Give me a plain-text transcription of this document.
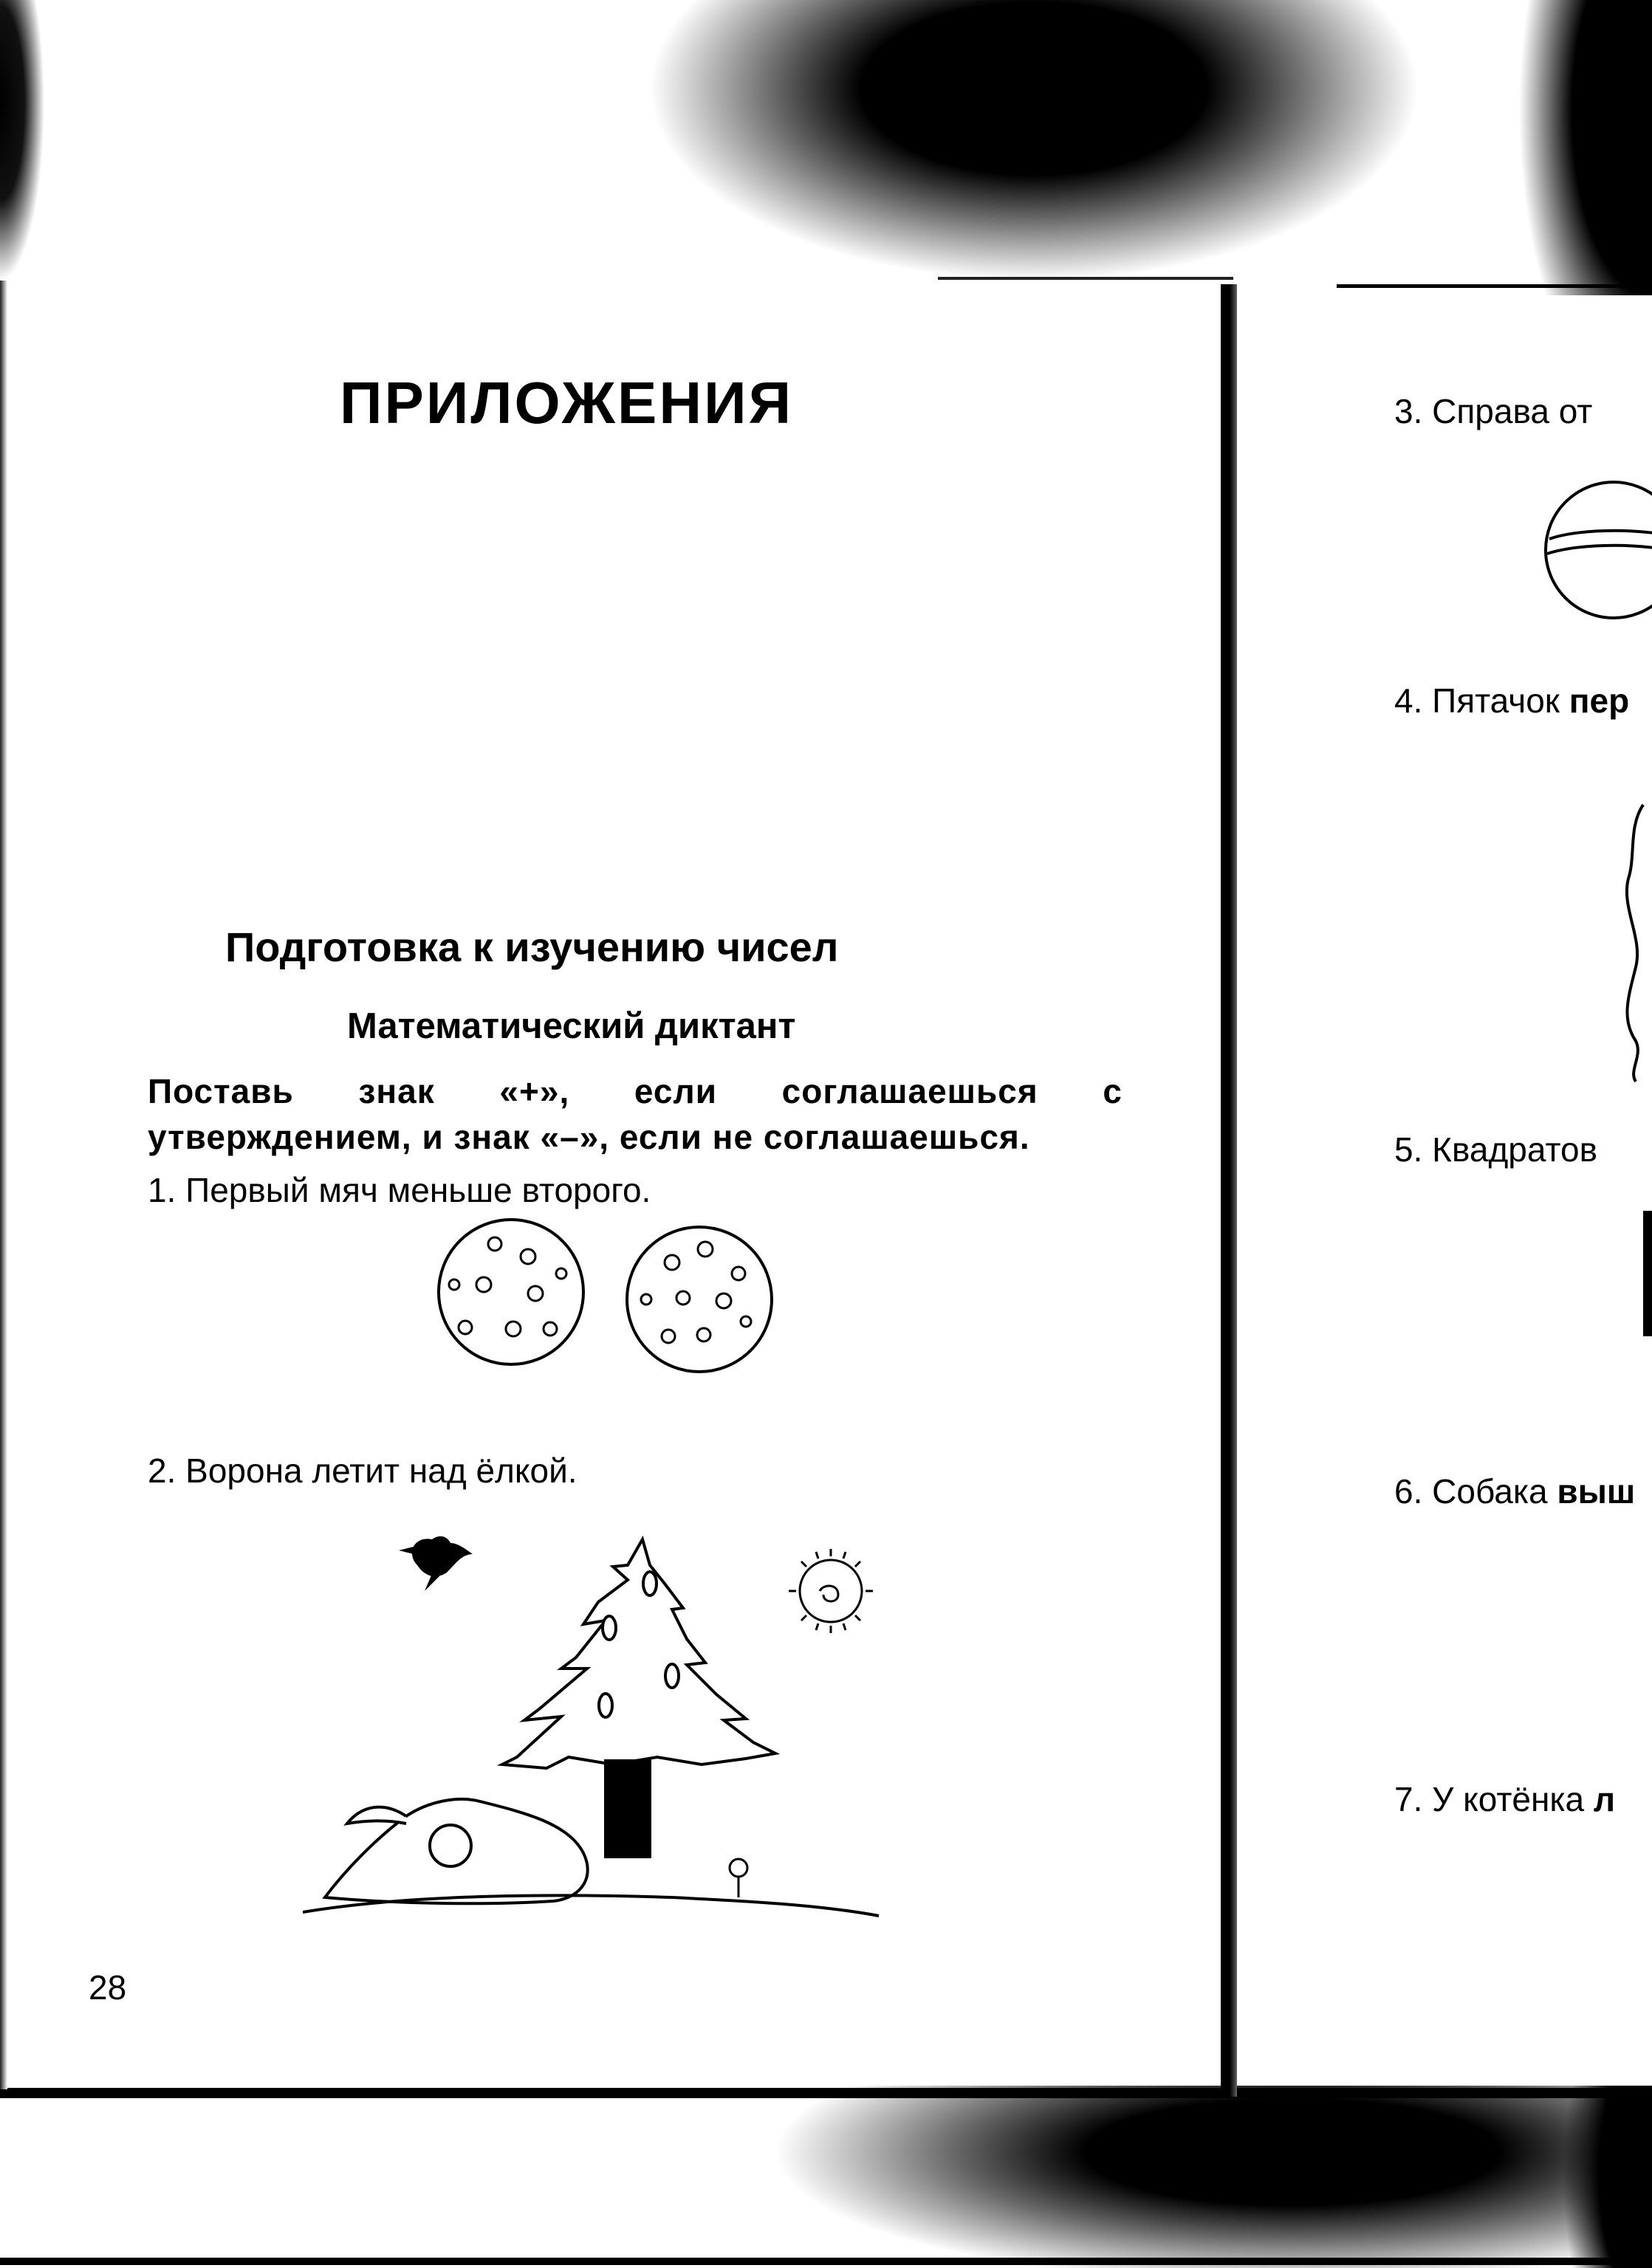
ПРИЛОЖЕНИЯ
Подготовка к изучению чисел
Математический диктант
Поставь знак «+», если соглашаешься с утверждением, и знак «–», если не соглашаешься.
1. Первый мяч меньше второго.
2. Ворона летит над ёлкой.
28
3. Справа от
4. Пятачок пер
5. Квадратов
6. Собака выш
7. У котёнка л
